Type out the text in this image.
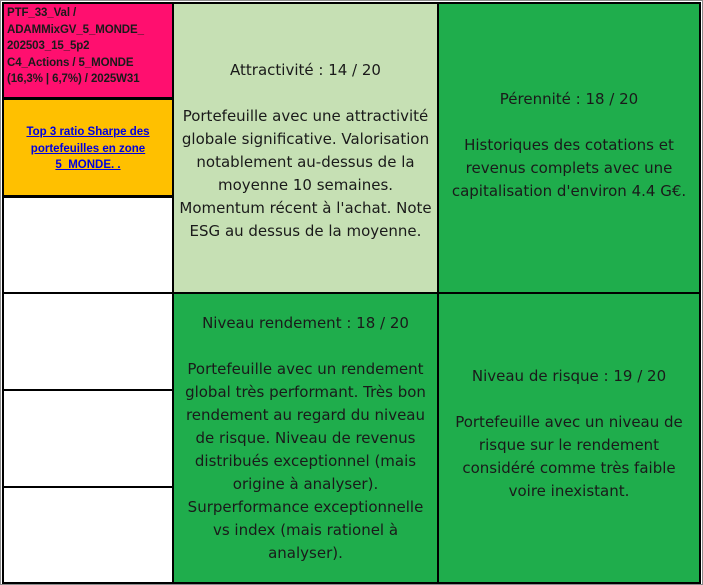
PTF_33_Val /
ADAMMixGV_5_MONDE_
202503_15_5p2
C4_Actions / 5_MONDE
(16,3% | 6,7%) / 2025W31
Top 3 ratio Sharpe des portefeuilles en zone 5_MONDE. .
Attractivité : 14 / 20
Portefeuille avec une attractivité globale significative. Valorisation notablement au-dessus de la moyenne 10 semaines. Momentum récent à l'achat. Note ESG au dessus de la moyenne.
Pérennité : 18 / 20
Historiques des cotations et revenus complets avec une capitalisation d'environ 4.4 G€.
Niveau rendement : 18 / 20
Portefeuille avec un rendement global très performant. Très bon rendement au regard du niveau de risque. Niveau de revenus distribués exceptionnel (mais origine à analyser). Surperformance exceptionnelle vs index (mais rationel à analyser).
Niveau de risque : 19 / 20
Portefeuille avec un niveau de risque sur le rendement considéré comme très faible voire inexistant.
